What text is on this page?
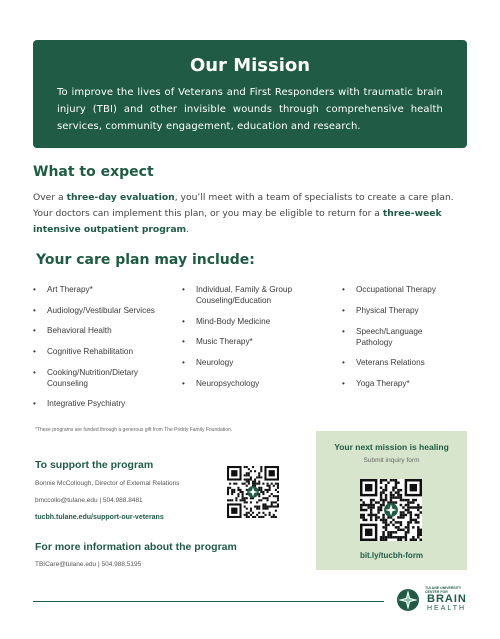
Our Mission

To improve the lives of Veterans and First Responders with traumatic brain injury (TBI) and other invisible wounds through comprehensive health services, community engagement, education and research.

What to expect
Over a three-day evaluation, you’ll meet with a team of specialists to create a care plan. Your doctors can implement this plan, or you may be eligible to return for a three-week intensive outpatient program.
Your care plan may include:
• Art Therapy*
• Audiology/Vestibular Services
• Behavioral Health
• Cognitive Rehabilitation
• Cooking/Nutrition/Dietary Counseling
• Integrative Psychiatry
• Individual, Family & Group Couseling/Education
• Mind-Body Medicine
• Music Therapy*
• Neurology
• Neuropsychology
• Occupational Therapy
• Physical Therapy
• Speech/Language Pathology
• Veterans Relations
• Yoga Therapy*
*These programs are funded through a generous gift from The Priddy Family Foundation.
To support the program
Bonnie McCollough, Director of External Relations
bmccollo@tulane.edu | 504.988.8481
tucbh.tulane.edu/support-our-veterans
For more information about the program
TBICare@tulane.edu | 504.988.5195
Your next mission is healing
Submit inquiry form
bit.ly/tucbh-form
TULANE UNIVERSITY
CENTER FOR
BRAIN
HEALTH
